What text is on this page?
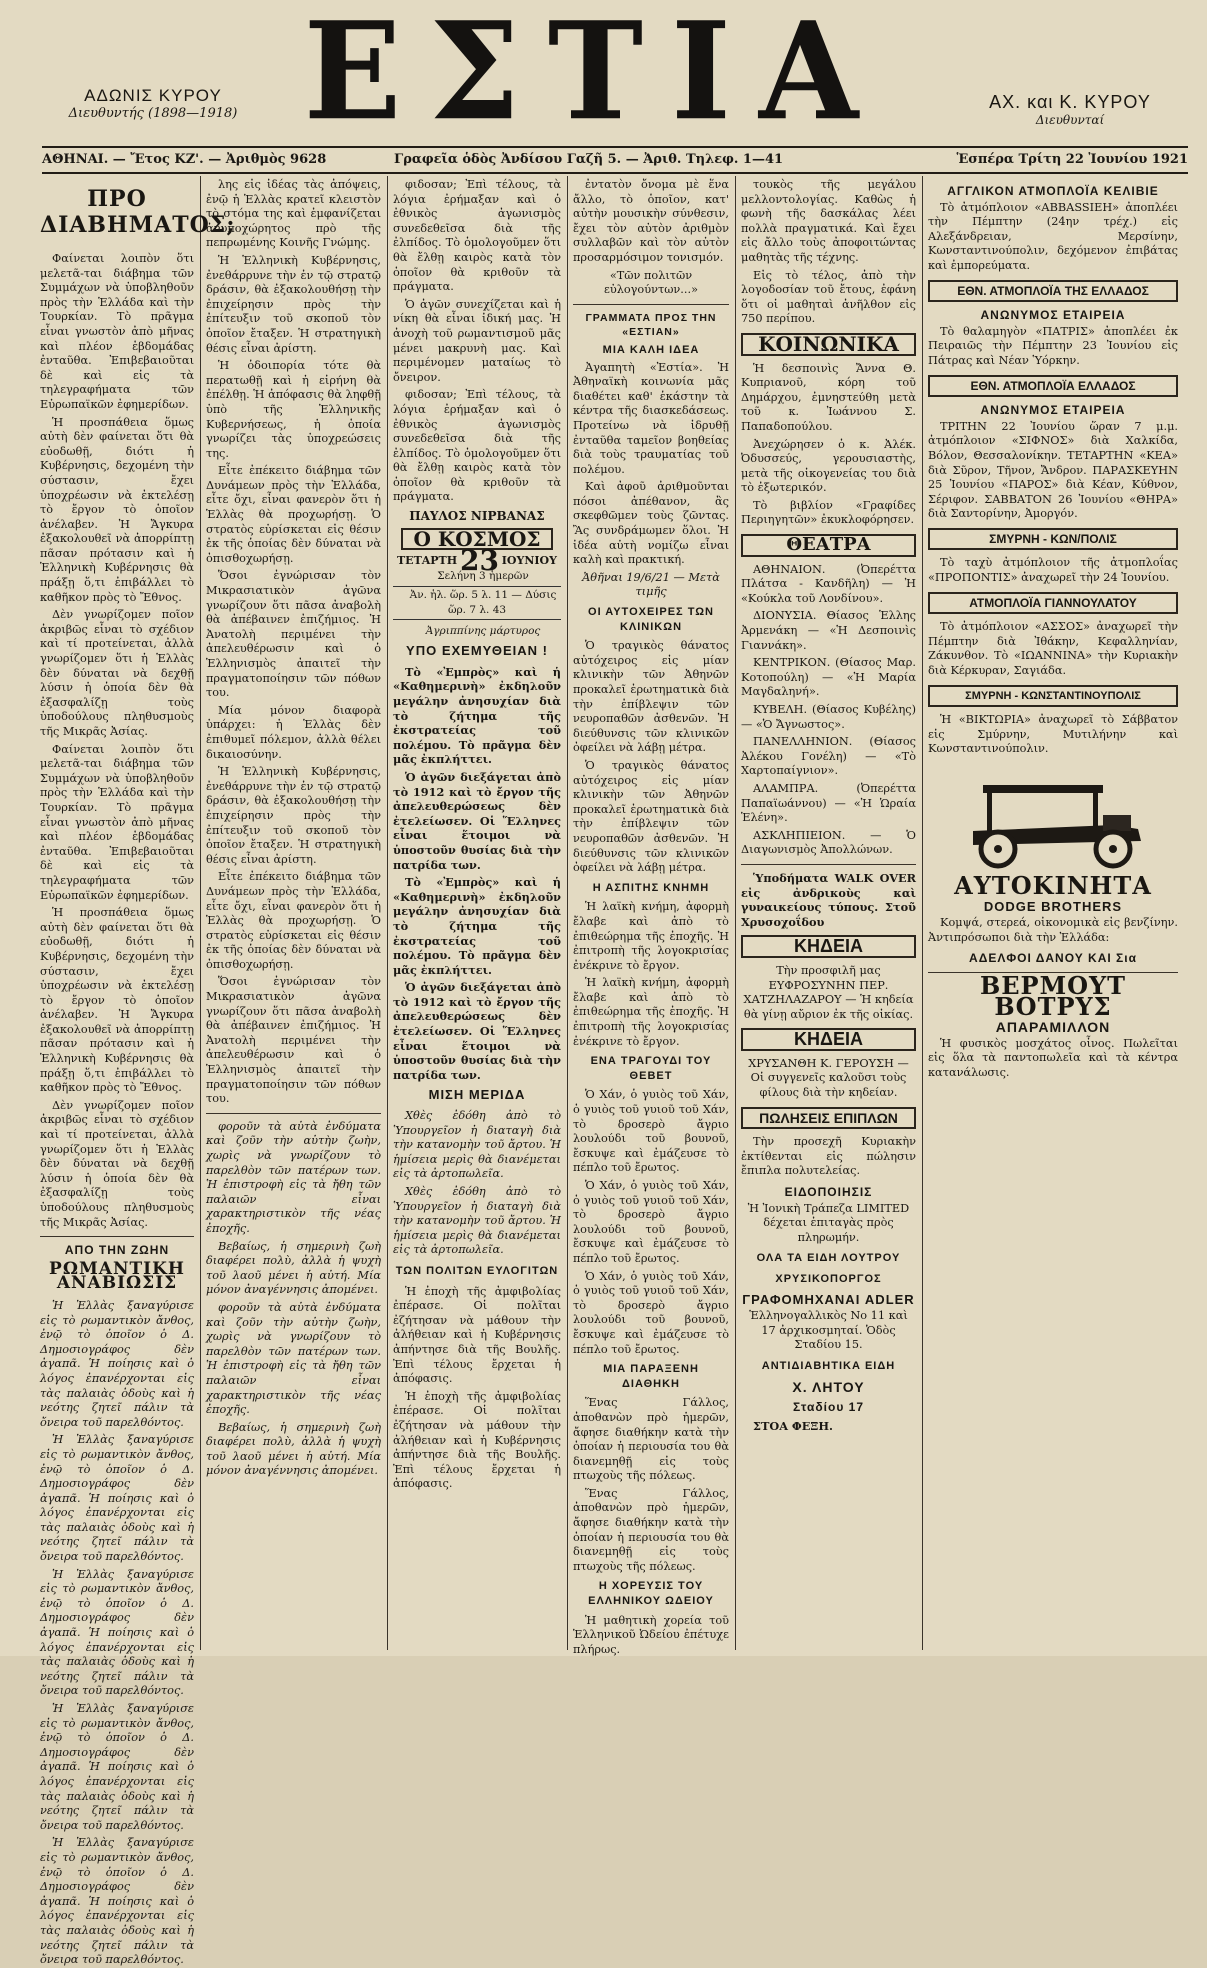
ΑΔΩΝΙΣ ΚΥΡΟΥ
Διευθυντής (1898—1918) ΕΣΤΙΑ	ΑΧ. και Κ. ΚΥΡΟΥ
Διευθυνταί
ΑΘΗΝΑΙ. — Ἔτος ΚΖ'. — Ἀριθμὸς 9628	Γραφεῖα ὁδὸς Ἀνδίσου Γαζῆ 5. — Ἀριθ. Τηλεφ. 1—41	Ἑσπέρα Τρίτη 22 Ἰουνίου 1921
ΠΡΟ ΔΙΑΒΗΜΑΤΟΣ;

Φαίνεται λοιπὸν ὅτι μελετᾶ-ται διάβημα τῶν Συμμάχων νὰ ὑποβληθοῦν πρὸς τὴν Ἑλλάδα καὶ τὴν Τουρκίαν. Τὸ πρᾶγμα εἶναι γνωστὸν ἀπὸ μῆνας καὶ πλέον ἑβδομάδας ἐνταῦθα. Ἐπιβεβαιοῦται δὲ καὶ εἰς τὰ τηλεγραφήματα τῶν Εὐρωπαϊκῶν ἐφημερίδων.

Ἡ προσπάθεια ὅμως αὐτὴ δὲν φαίνεται ὅτι θὰ εὐοδωθῇ, διότι ἡ Κυβέρνησις, δεχομένη τὴν σύστασιν, ἔχει ὑποχρέωσιν νὰ ἐκτελέσῃ τὸ ἔργον τὸ ὁποῖον ἀνέλαβεν. Ἡ Ἄγκυρα ἐξακολουθεῖ νὰ ἀπορρίπτῃ πᾶσαν πρότασιν καὶ ἡ Ἑλληνικὴ Κυβέρνησις θὰ πράξῃ ὅ,τι ἐπιβάλλει τὸ καθῆκον πρὸς τὸ Ἔθνος.

Δὲν γνωρίζομεν ποῖον ἀκριβῶς εἶναι τὸ σχέδιον καὶ τί προτείνεται, ἀλλὰ γνωρίζομεν ὅτι ἡ Ἑλλὰς δὲν δύναται νὰ δεχθῇ λύσιν ἡ ὁποία δὲν θὰ ἐξασφαλίζῃ τοὺς ὑποδούλους πληθυσμοὺς τῆς Μικρᾶς Ἀσίας.

Φαίνεται λοιπὸν ὅτι μελετᾶ-ται διάβημα τῶν Συμμάχων νὰ ὑποβληθοῦν πρὸς τὴν Ἑλλάδα καὶ τὴν Τουρκίαν. Τὸ πρᾶγμα εἶναι γνωστὸν ἀπὸ μῆνας καὶ πλέον ἑβδομάδας ἐνταῦθα. Ἐπιβεβαιοῦται δὲ καὶ εἰς τὰ τηλεγραφήματα τῶν Εὐρωπαϊκῶν ἐφημερίδων.

Ἡ προσπάθεια ὅμως αὐτὴ δὲν φαίνεται ὅτι θὰ εὐοδωθῇ, διότι ἡ Κυβέρνησις, δεχομένη τὴν σύστασιν, ἔχει ὑποχρέωσιν νὰ ἐκτελέσῃ τὸ ἔργον τὸ ὁποῖον ἀνέλαβεν. Ἡ Ἄγκυρα ἐξακολουθεῖ νὰ ἀπορρίπτῃ πᾶσαν πρότασιν καὶ ἡ Ἑλληνικὴ Κυβέρνησις θὰ πράξῃ ὅ,τι ἐπιβάλλει τὸ καθῆκον πρὸς τὸ Ἔθνος.

Δὲν γνωρίζομεν ποῖον ἀκριβῶς εἶναι τὸ σχέδιον καὶ τί προτείνεται, ἀλλὰ γνωρίζομεν ὅτι ἡ Ἑλλὰς δὲν δύναται νὰ δεχθῇ λύσιν ἡ ὁποία δὲν θὰ ἐξασφαλίζῃ τοὺς ὑποδούλους πληθυσμοὺς τῆς Μικρᾶς Ἀσίας.

ΑΠΟ ΤΗΝ ΖΩΗΝ
ΡΩΜΑΝΤΙΚΗ ΑΝΑΒΙΩΣΙΣ

Ἡ Ἑλλὰς ξαναγύρισε εἰς τὸ ρωμαντικὸν ἄνθος, ἐνῷ τὸ ὁποῖον ὁ Δ. Δημοσιογράφος δὲν ἀγαπᾶ. Ἡ ποίησις καὶ ὁ λόγος ἐπανέρχονται εἰς τὰς παλαιὰς ὁδοὺς καὶ ἡ νεότης ζητεῖ πάλιν τὰ ὄνειρα τοῦ παρελθόντος.

Ἡ Ἑλλὰς ξαναγύρισε εἰς τὸ ρωμαντικὸν ἄνθος, ἐνῷ τὸ ὁποῖον ὁ Δ. Δημοσιογράφος δὲν ἀγαπᾶ. Ἡ ποίησις καὶ ὁ λόγος ἐπανέρχονται εἰς τὰς παλαιὰς ὁδοὺς καὶ ἡ νεότης ζητεῖ πάλιν τὰ ὄνειρα τοῦ παρελθόντος.

Ἡ Ἑλλὰς ξαναγύρισε εἰς τὸ ρωμαντικὸν ἄνθος, ἐνῷ τὸ ὁποῖον ὁ Δ. Δημοσιογράφος δὲν ἀγαπᾶ. Ἡ ποίησις καὶ ὁ λόγος ἐπανέρχονται εἰς τὰς παλαιὰς ὁδοὺς καὶ ἡ νεότης ζητεῖ πάλιν τὰ ὄνειρα τοῦ παρελθόντος.

Ἡ Ἑλλὰς ξαναγύρισε εἰς τὸ ρωμαντικὸν ἄνθος, ἐνῷ τὸ ὁποῖον ὁ Δ. Δημοσιογράφος δὲν ἀγαπᾶ. Ἡ ποίησις καὶ ὁ λόγος ἐπανέρχονται εἰς τὰς παλαιὰς ὁδοὺς καὶ ἡ νεότης ζητεῖ πάλιν τὰ ὄνειρα τοῦ παρελθόντος.

Ἡ Ἑλλὰς ξαναγύρισε εἰς τὸ ρωμαντικὸν ἄνθος, ἐνῷ τὸ ὁποῖον ὁ Δ. Δημοσιογράφος δὲν ἀγαπᾶ. Ἡ ποίησις καὶ ὁ λόγος ἐπανέρχονται εἰς τὰς παλαιὰς ὁδοὺς καὶ ἡ νεότης ζητεῖ πάλιν τὰ ὄνειρα τοῦ παρελθόντος.

λης εἰς ἰδέας τὰς ἀπόψεις, ἐνῷ ἡ Ἑλλὰς κρατεῖ κλειστὸν τὸ στόμα της καὶ ἐμφανίζεται ἀνυποχώρητος πρὸ τῆς πεπρωμένης Κοινῆς Γνώμης.

Ἡ Ἑλληνικὴ Κυβέρνησις, ἐνεθάρρυνε τὴν ἐν τῷ στρατῷ δράσιν, θὰ ἐξακολουθήσῃ τὴν ἐπιχείρησιν πρὸς τὴν ἐπίτευξιν τοῦ σκοποῦ τὸν ὁποῖον ἔταξεν. Ἡ στρατηγικὴ θέσις εἶναι ἀρίστη.

Ἡ ὁδοιπορία τότε θὰ περατωθῇ καὶ ἡ εἰρήνη θὰ ἐπέλθῃ. Ἡ ἀπόφασις θὰ ληφθῇ ὑπὸ τῆς Ἑλληνικῆς Κυβερνήσεως, ἡ ὁποία γνωρίζει τὰς ὑποχρεώσεις της.

Εἶτε ἐπέκειτο διάβημα τῶν Δυνάμεων πρὸς τὴν Ἑλλάδα, εἶτε ὄχι, εἶναι φανερὸν ὅτι ἡ Ἑλλὰς θὰ προχωρήσῃ. Ὁ στρατὸς εὑρίσκεται εἰς θέσιν ἐκ τῆς ὁποίας δὲν δύναται νὰ ὀπισθοχωρήσῃ.

Ὅσοι ἐγνώρισαν τὸν Μικρασιατικὸν ἀγῶνα γνωρίζουν ὅτι πᾶσα ἀναβολὴ θὰ ἀπέβαινεν ἐπιζήμιος. Ἡ Ἀνατολὴ περιμένει τὴν ἀπελευθέρωσιν καὶ ὁ Ἑλληνισμὸς ἀπαιτεῖ τὴν πραγματοποίησιν τῶν πόθων του.

Μία μόνον διαφορὰ ὑπάρχει: ἡ Ἑλλὰς δὲν ἐπιθυμεῖ πόλεμον, ἀλλὰ θέλει δικαιοσύνην.

Ἡ Ἑλληνικὴ Κυβέρνησις, ἐνεθάρρυνε τὴν ἐν τῷ στρατῷ δράσιν, θὰ ἐξακολουθήσῃ τὴν ἐπιχείρησιν πρὸς τὴν ἐπίτευξιν τοῦ σκοποῦ τὸν ὁποῖον ἔταξεν. Ἡ στρατηγικὴ θέσις εἶναι ἀρίστη.

Εἶτε ἐπέκειτο διάβημα τῶν Δυνάμεων πρὸς τὴν Ἑλλάδα, εἶτε ὄχι, εἶναι φανερὸν ὅτι ἡ Ἑλλὰς θὰ προχωρήσῃ. Ὁ στρατὸς εὑρίσκεται εἰς θέσιν ἐκ τῆς ὁποίας δὲν δύναται νὰ ὀπισθοχωρήσῃ.

Ὅσοι ἐγνώρισαν τὸν Μικρασιατικὸν ἀγῶνα γνωρίζουν ὅτι πᾶσα ἀναβολὴ θὰ ἀπέβαινεν ἐπιζήμιος. Ἡ Ἀνατολὴ περιμένει τὴν ἀπελευθέρωσιν καὶ ὁ Ἑλληνισμὸς ἀπαιτεῖ τὴν πραγματοποίησιν τῶν πόθων του.

φοροῦν τὰ αὐτὰ ἐνδύματα καὶ ζοῦν τὴν αὐτὴν ζωὴν, χωρὶς νὰ γνωρίζουν τὸ παρελθὸν τῶν πατέρων των. Ἡ ἐπιστροφὴ εἰς τὰ ἤθη τῶν παλαιῶν εἶναι χαρακτηριστικὸν τῆς νέας ἐποχῆς.

Βεβαίως, ἡ σημερινὴ ζωὴ διαφέρει πολὺ, ἀλλὰ ἡ ψυχὴ τοῦ λαοῦ μένει ἡ αὐτή. Μία μόνον ἀναγέννησις ἀπομένει.

φοροῦν τὰ αὐτὰ ἐνδύματα καὶ ζοῦν τὴν αὐτὴν ζωὴν, χωρὶς νὰ γνωρίζουν τὸ παρελθὸν τῶν πατέρων των. Ἡ ἐπιστροφὴ εἰς τὰ ἤθη τῶν παλαιῶν εἶναι χαρακτηριστικὸν τῆς νέας ἐποχῆς.

Βεβαίως, ἡ σημερινὴ ζωὴ διαφέρει πολὺ, ἀλλὰ ἡ ψυχὴ τοῦ λαοῦ μένει ἡ αὐτή. Μία μόνον ἀναγέννησις ἀπομένει.

φιδοσαν; Ἐπὶ τέλους, τὰ λόγια ἐρήμαξαν καὶ ὁ ἐθνικὸς ἀγωνισμὸς συνεδεθεῖσα διὰ τῆς ἐλπίδος. Τὸ ὁμολογοῦμεν ὅτι θὰ ἔλθῃ καιρὸς κατὰ τὸν ὁποῖον θὰ κριθοῦν τὰ πράγματα.

Ὁ ἀγῶν συνεχίζεται καὶ ἡ νίκη θὰ εἶναι ἰδική μας. Ἡ ἀνοχὴ τοῦ ρωμαντισμοῦ μᾶς μένει μακρυνὴ μας. Καὶ περιμένομεν ματαίως τὸ ὄνειρον.

φιδοσαν; Ἐπὶ τέλους, τὰ λόγια ἐρήμαξαν καὶ ὁ ἐθνικὸς ἀγωνισμὸς συνεδεθεῖσα διὰ τῆς ἐλπίδος. Τὸ ὁμολογοῦμεν ὅτι θὰ ἔλθῃ καιρὸς κατὰ τὸν ὁποῖον θὰ κριθοῦν τὰ πράγματα.

ΠΑΥΛΟΣ ΝΙΡΒΑΝΑΣ
Ο ΚΟΣΜΟΣ
ΤΕΤΑΡΤΗ 23 ΙΟΥΝΙΟΥ

Σελήνη 3 ἡμερῶν

Ἀν. ἡλ. ὥρ. 5 λ. 11 — Δύσις ὥρ. 7 λ. 43

Ἀγριππίνης μάρτυρος

ΥΠΟ ΕΧΕΜΥΘΕΙΑΝ !

Τὸ «Ἐμπρὸς» καὶ ἡ «Καθημερινὴ» ἐκδηλοῦν μεγάλην ἀνησυχίαν διὰ τὸ ζήτημα τῆς ἐκστρατείας τοῦ πολέμου. Τὸ πρᾶγμα δὲν μᾶς ἐκπλήττει.

Ὁ ἀγῶν διεξάγεται ἀπὸ τὸ 1912 καὶ τὸ ἔργον τῆς ἀπελευθερώσεως δὲν ἐτελείωσεν. Οἱ Ἕλληνες εἶναι ἕτοιμοι νὰ ὑποστοῦν θυσίας διὰ τὴν πατρίδα των.

Τὸ «Ἐμπρὸς» καὶ ἡ «Καθημερινὴ» ἐκδηλοῦν μεγάλην ἀνησυχίαν διὰ τὸ ζήτημα τῆς ἐκστρατείας τοῦ πολέμου. Τὸ πρᾶγμα δὲν μᾶς ἐκπλήττει.

Ὁ ἀγῶν διεξάγεται ἀπὸ τὸ 1912 καὶ τὸ ἔργον τῆς ἀπελευθερώσεως δὲν ἐτελείωσεν. Οἱ Ἕλληνες εἶναι ἕτοιμοι νὰ ὑποστοῦν θυσίας διὰ τὴν πατρίδα των.

ΜΙΣΗ ΜΕΡΙΔΑ

Χθὲς ἐδόθη ἀπὸ τὸ Ὑπουργεῖον ἡ διαταγὴ διὰ τὴν κατανομὴν τοῦ ἄρτου. Ἡ ἡμίσεια μερὶς θὰ διανέμεται εἰς τὰ ἀρτοπωλεῖα.

Χθὲς ἐδόθη ἀπὸ τὸ Ὑπουργεῖον ἡ διαταγὴ διὰ τὴν κατανομὴν τοῦ ἄρτου. Ἡ ἡμίσεια μερὶς θὰ διανέμεται εἰς τὰ ἀρτοπωλεῖα.

ΤΩΝ ΠΟΛΙΤΩΝ ΕΥΛΟΓΙΤΩΝ

Ἡ ἐποχὴ τῆς ἀμφιβολίας ἐπέρασε. Οἱ πολῖται ἐζήτησαν νὰ μάθουν τὴν ἀλήθειαν καὶ ἡ Κυβέρνησις ἀπήντησε διὰ τῆς Βουλῆς. Ἐπὶ τέλους ἔρχεται ἡ ἀπόφασις.

Ἡ ἐποχὴ τῆς ἀμφιβολίας ἐπέρασε. Οἱ πολῖται ἐζήτησαν νὰ μάθουν τὴν ἀλήθειαν καὶ ἡ Κυβέρνησις ἀπήντησε διὰ τῆς Βουλῆς. Ἐπὶ τέλους ἔρχεται ἡ ἀπόφασις.

ἐντατὸν ὄνομα μὲ ἕνα ἄλλο, τὸ ὁποῖον, κατ' αὐτὴν μουσικὴν σύνθεσιν, ἔχει τὸν αὐτὸν ἀριθμὸν συλλαβῶν καὶ τὸν αὐτὸν προσαρμόσιμον τονισμόν.

«Τῶν πολιτῶν εὐλογούντων...»

ΓΡΑΜΜΑΤΑ ΠΡΟΣ ΤΗΝ «ΕΣΤΙΑΝ»
ΜΙΑ ΚΑΛΗ ΙΔΕΑ

Ἀγαπητὴ «Ἑστία». Ἡ Ἀθηναϊκὴ κοινωνία μᾶς διαθέτει καθ' ἑκάστην τὰ κέντρα τῆς διασκεδάσεως. Προτείνω νὰ ἱδρυθῇ ἐνταῦθα ταμεῖον βοηθείας διὰ τοὺς τραυματίας τοῦ πολέμου.

Καὶ ἀφοῦ ἀριθμοῦνται πόσοι ἀπέθανον, ἂς σκεφθῶμεν τοὺς ζῶντας. Ἂς συνδράμωμεν ὅλοι. Ἡ ἰδέα αὐτὴ νομίζω εἶναι καλὴ καὶ πρακτική.

Ἀθῆναι 19/6/21 — Μετὰ τιμῆς

ΟΙ ΑΥΤΟΧΕΙΡΕΣ ΤΩΝ ΚΛΙΝΙΚΩΝ

Ὁ τραγικὸς θάνατος αὐτόχειρος εἰς μίαν κλινικὴν τῶν Ἀθηνῶν προκαλεῖ ἐρωτηματικὰ διὰ τὴν ἐπίβλεψιν τῶν νευροπαθῶν ἀσθενῶν. Ἡ διεύθυνσις τῶν κλινικῶν ὀφείλει νὰ λάβῃ μέτρα.

Ὁ τραγικὸς θάνατος αὐτόχειρος εἰς μίαν κλινικὴν τῶν Ἀθηνῶν προκαλεῖ ἐρωτηματικὰ διὰ τὴν ἐπίβλεψιν τῶν νευροπαθῶν ἀσθενῶν. Ἡ διεύθυνσις τῶν κλινικῶν ὀφείλει νὰ λάβῃ μέτρα.

Η ΑΣΠΙΤΗΣ ΚΝΗΜΗ

Ἡ λαϊκὴ κνήμη, ἀφορμὴ ἔλαβε καὶ ἀπὸ τὸ ἐπιθεώρημα τῆς ἐποχῆς. Ἡ ἐπιτροπὴ τῆς λογοκρισίας ἐνέκρινε τὸ ἔργον.

Ἡ λαϊκὴ κνήμη, ἀφορμὴ ἔλαβε καὶ ἀπὸ τὸ ἐπιθεώρημα τῆς ἐποχῆς. Ἡ ἐπιτροπὴ τῆς λογοκρισίας ἐνέκρινε τὸ ἔργον.

ΕΝΑ ΤΡΑΓΟΥΔΙ ΤΟΥ ΘΕΒΕΤ

Ὁ Χάν, ὁ γυιὸς τοῦ Χάν, ὁ γυιὸς τοῦ γυιοῦ τοῦ Χάν, τὸ δροσερὸ ἄγριο λουλούδι τοῦ βουνοῦ, ἔσκυψε καὶ ἐμάζευσε τὸ πέπλο τοῦ ἔρωτος.

Ὁ Χάν, ὁ γυιὸς τοῦ Χάν, ὁ γυιὸς τοῦ γυιοῦ τοῦ Χάν, τὸ δροσερὸ ἄγριο λουλούδι τοῦ βουνοῦ, ἔσκυψε καὶ ἐμάζευσε τὸ πέπλο τοῦ ἔρωτος.

Ὁ Χάν, ὁ γυιὸς τοῦ Χάν, ὁ γυιὸς τοῦ γυιοῦ τοῦ Χάν, τὸ δροσερὸ ἄγριο λουλούδι τοῦ βουνοῦ, ἔσκυψε καὶ ἐμάζευσε τὸ πέπλο τοῦ ἔρωτος.

ΜΙΑ ΠΑΡΑΞΕΝΗ ΔΙΑΘΗΚΗ

Ἕνας Γάλλος, ἀποθανὼν πρὸ ἡμερῶν, ἄφησε διαθήκην κατὰ τὴν ὁποίαν ἡ περιουσία του θὰ διανεμηθῇ εἰς τοὺς πτωχοὺς τῆς πόλεως.

Ἕνας Γάλλος, ἀποθανὼν πρὸ ἡμερῶν, ἄφησε διαθήκην κατὰ τὴν ὁποίαν ἡ περιουσία του θὰ διανεμηθῇ εἰς τοὺς πτωχοὺς τῆς πόλεως.

Η ΧΟΡΕΥΣΙΣ ΤΟΥ ΕΛΛΗΝΙΚΟΥ ΩΔΕΙΟΥ

Ἡ μαθητικὴ χορεία τοῦ Ἑλληνικοῦ Ὠδείου ἐπέτυχε πλήρως.

τουκὸς τῆς μεγάλου μελλοντολογίας. Καθὼς ἡ φωνὴ τῆς δασκάλας λέει πολλὰ πραγματικά. Καὶ ἔχει εἰς ἄλλο τοὺς ἀποφοιτώντας μαθητὰς τῆς τέχνης.

Εἰς τὸ τέλος, ἀπὸ τὴν λογοδοσίαν τοῦ ἔτους, ἐφάνη ὅτι οἱ μαθηταὶ ἀνῆλθον εἰς 750 περίπου.

ΚΟΙΝΩΝΙΚΑ

Ἡ δεσποινὶς Ἄννα Θ. Κυπριανοῦ, κόρη τοῦ Δημάρχου, ἐμνηστεύθη μετὰ τοῦ κ. Ἰωάννου Σ. Παπαδοπούλου.

Ἀνεχώρησεν ὁ κ. Ἀλέκ. Ὀδυσσεύς, γερουσιαστὴς, μετὰ τῆς οἰκογενείας του διὰ τὸ ἐξωτερικόν.

Τὸ βιβλίον «Γραφίδες Περιηγητῶν» ἐκυκλοφόρησεν.

ΘΕΑΤΡΑ

ΑΘΗΝΑΙΟΝ. (Ὀπερέττα Πλάτσα - Κανδῆλη) — Ἡ «Κούκλα τοῦ Λονδίνου».

ΔΙΟΝΥΣΙΑ. Θίασος Ἑλλης Ἀρμενάκη — «Ἡ Δεσποινὶς Γιαννάκη».

ΚΕΝΤΡΙΚΟΝ. (Θίασος Μαρ. Κοτοπούλη) — «Ἡ Μαρία Μαγδαληνή».

ΚΥΒΕΛΗ. (Θίασος Κυβέλης) — «Ὁ Ἄγνωστος».

ΠΑΝΕΛΛΗΝΙΟΝ. (Θίασος Ἀλέκου Γονέλη) — «Τὸ Χαρτοπαίγνιον».

ΑΛΑΜΠΡΑ. (Ὀπερέττα Παπαϊωάννου) — «Ἡ Ὡραία Ἑλένη».

ΑΣΚΛΗΠΙΕΙΟΝ. — Ὁ Διαγωνισμὸς Ἀπολλώνων.

Ὑποδήματα WALK OVER εἰς ἀνδρικοὺς καὶ γυναικείους τύπους. Στοῦ Χρυσοχοΐδου

ΚΗΔΕΙΑ

Τὴν προσφιλῆ μας ΕΥΦΡΟΣΥΝΗΝ ΠΕΡ. ΧΑΤΖΗΛΑΖΑΡΟΥ — Ἡ κηδεία θὰ γίνῃ αὔριον ἐκ τῆς οἰκίας.

ΚΗΔΕΙΑ

ΧΡΥΣΑΝΘΗ Κ. ΓΕΡΟΥΣΗ — Οἱ συγγενεῖς καλοῦσι τοὺς φίλους διὰ τὴν κηδείαν.

ΠΩΛΗΣΕΙΣ ΕΠΙΠΛΩΝ

Τὴν προσεχῆ Κυριακὴν ἐκτίθενται εἰς πώλησιν ἔπιπλα πολυτελείας.

ΕΙΔΟΠΟΙΗΣΙΣ

Ἡ Ἰονικὴ Τράπεζα LIMITED δέχεται ἐπιταγὰς πρὸς πληρωμήν.

ΟΛΑ ΤΑ ΕΙΔΗ ΛΟΥΤΡΟΥ
ΧΡΥΣΙΚΟΠΟΡΓΟΣ
ΓΡΑΦΟΜΗΧΑΝΑΙ ADLER

Ἑλληνογαλλικὸς Νο 11 καὶ 17 ἀρχικοσμηταί. Ὁδὸς Σταδίου 15.

ΑΝΤΙΔΙΑΒΗΤΙΚΑ ΕΙΔΗ
Χ. ΛΗΤΟΥ
Σταδίου 17

ΣΤΟΑ ΦΕΞΗ.

ΑΓΓΛΙΚΟΝ ΑΤΜΟΠΛΟΪΑ ΚΕΛΙΒΙΕ

Τὸ ἀτμόπλοιον «ABBASSIEH» ἀποπλέει τὴν Πέμπτην (24ην τρέχ.) εἰς Αλεξάνδρειαν, Μερσίνην, Κωνσταντινούπολιν, δεχόμενον ἐπιβάτας καὶ ἐμπορεύματα.

ΕΘΝ. ΑΤΜΟΠΛΟΪΑ ΤΗΣ ΕΛΛΑΔΟΣ
ΑΝΩΝΥΜΟΣ ΕΤΑΙΡΕΙΑ

Τὸ θαλαμηγὸν «ΠΑΤΡΙΣ» ἀποπλέει ἐκ Πειραιῶς τὴν Πέμπτην 23 Ἰουνίου εἰς Πάτρας καὶ Νέαν Ὑόρκην.

ΕΘΝ. ΑΤΜΟΠΛΟΪΑ ΕΛΛΑΔΟΣ
ΑΝΩΝΥΜΟΣ ΕΤΑΙΡΕΙΑ

ΤΡΙΤΗΝ 22 Ἰουνίου ὥραν 7 μ.μ. ἀτμόπλοιον «ΣΙΦΝΟΣ» διὰ Χαλκίδα, Βόλον, Θεσσαλονίκην. ΤΕΤΑΡΤΗΝ «ΚΕΑ» διὰ Σῦρον, Τῆνον, Ἄνδρον. ΠΑΡΑΣΚΕΥΗΝ 25 Ἰουνίου «ΠΑΡΟΣ» διὰ Κέαν, Κύθνον, Σέριφον. ΣΑΒΒΑΤΟΝ 26 Ἰουνίου «ΘΗΡΑ» διὰ Σαντορίνην, Ἀμοργόν.

ΣΜΥΡΝΗ - ΚΩΝ/ΠΟΛΙΣ

Τὸ ταχὺ ἀτμόπλοιον τῆς ἀτμοπλοΐας «ΠΡΟΠΟΝΤΙΣ» ἀναχωρεῖ τὴν 24 Ἰουνίου.

ΑΤΜΟΠΛΟΪΑ ΓΙΑΝΝΟΥΛΑΤΟΥ

Τὸ ἀτμόπλοιον «ΑΣΣΟΣ» ἀναχωρεῖ τὴν Πέμπτην διὰ Ἰθάκην, Κεφαλληνίαν, Ζάκυνθον. Τὸ «ΙΩΑΝΝΙΝΑ» τὴν Κυριακὴν διὰ Κέρκυραν, Σαγιάδα.

ΣΜΥΡΝΗ - ΚΩΝΣΤΑΝΤΙΝΟΥΠΟΛΙΣ

Ἡ «ΒΙΚΤΩΡΙΑ» ἀναχωρεῖ τὸ Σάββατον εἰς Σμύρνην, Μυτιλήνην καὶ Κωνσταντινούπολιν.

ΑΥΤΟΚΙΝΗΤΑ
DODGE BROTHERS

Κομψά, στερεά, οἰκονομικὰ εἰς βενζίνην. Ἀντιπρόσωποι διὰ τὴν Ἑλλάδα:

ΑΔΕΛΦΟΙ ΔΑΝΟΥ ΚΑΙ Σια
ΒΕΡΜΟΥΤ
ΒΟΤΡΥΣ
ΑΠΑΡΑΜΙΛΛΟΝ

Ἡ φυσικὸς μοσχάτος οἶνος. Πωλεῖται εἰς ὅλα τὰ παντοπωλεῖα καὶ τὰ κέντρα κατανάλωσις.
